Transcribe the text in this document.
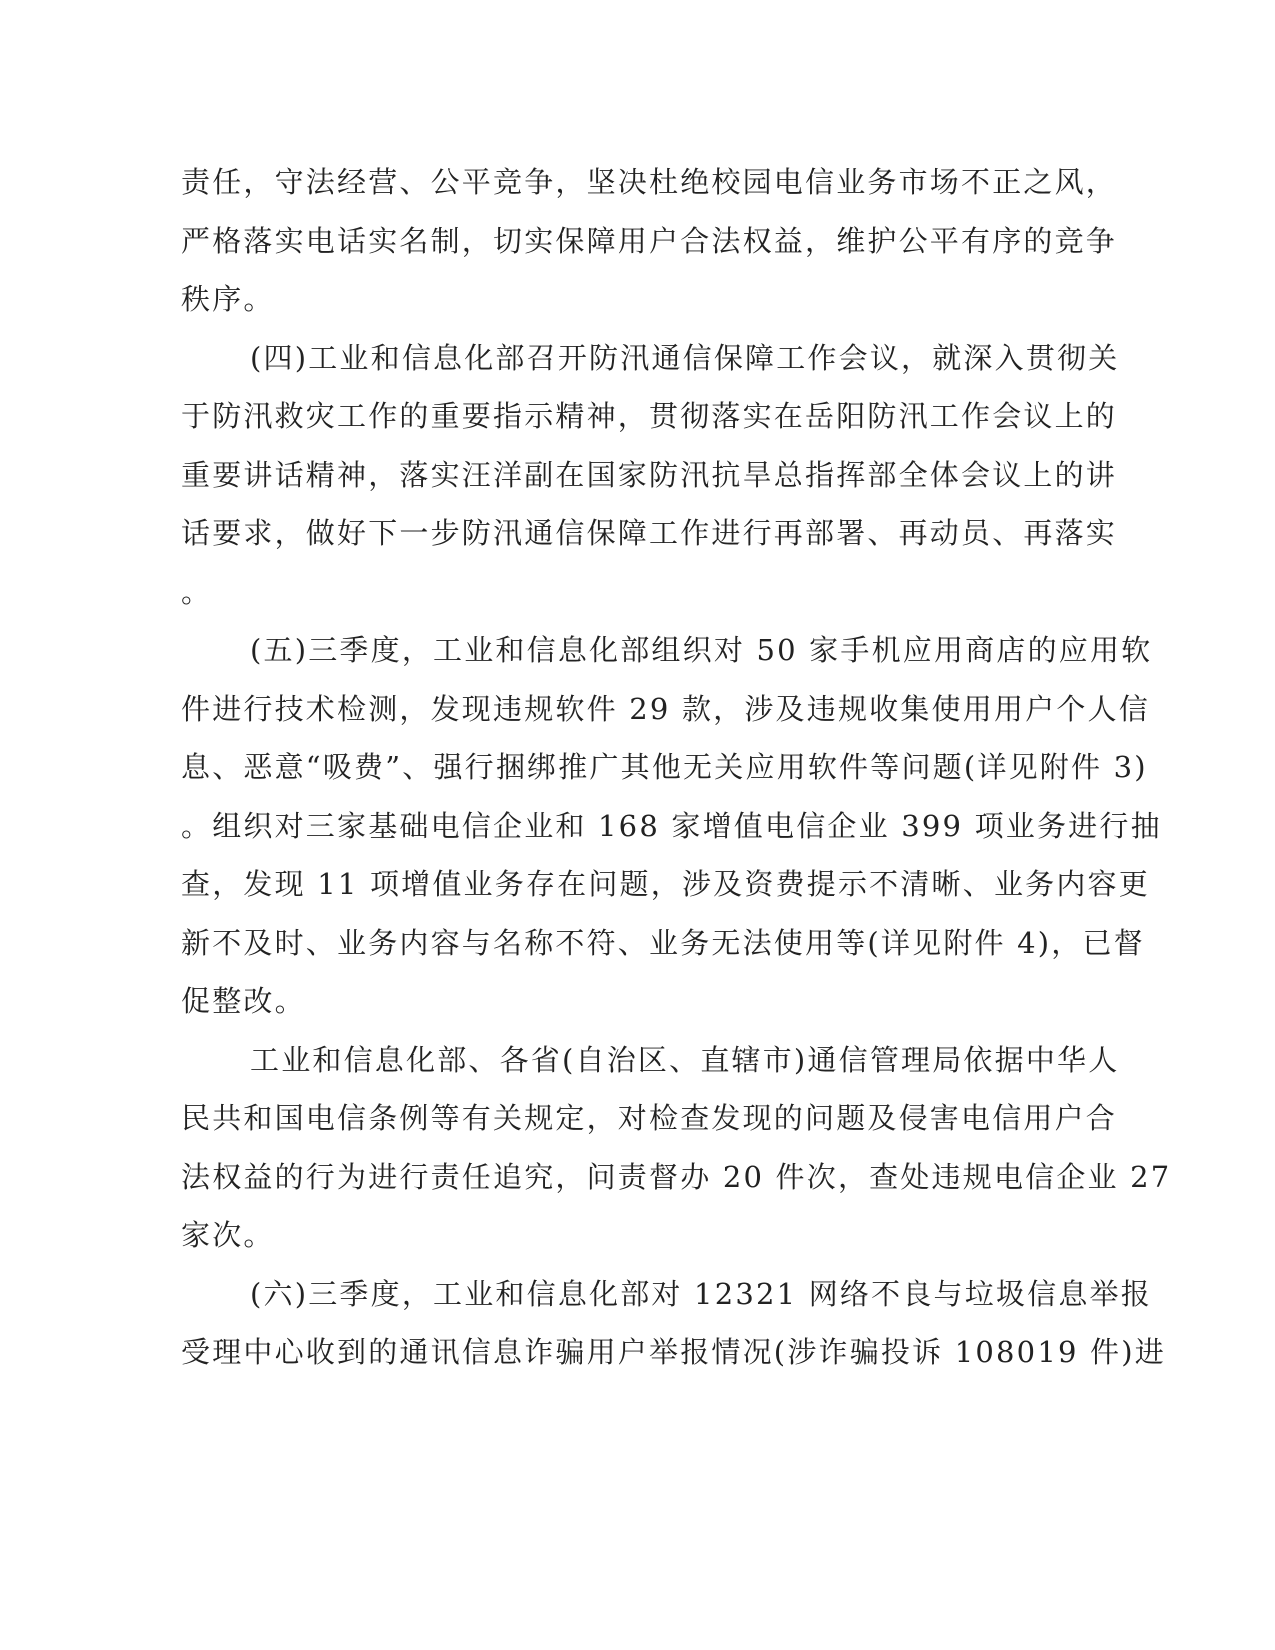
责任，守法经营、公平竞争，坚决杜绝校园电信业务市场不正之风，
严格落实电话实名制，切实保障用户合法权益，维护公平有序的竞争
秩序。
(四)工业和信息化部召开防汛通信保障工作会议，就深入贯彻关
于防汛救灾工作的重要指示精神，贯彻落实在岳阳防汛工作会议上的
重要讲话精神，落实汪洋副在国家防汛抗旱总指挥部全体会议上的讲
话要求，做好下一步防汛通信保障工作进行再部署、再动员、再落实
。
(五)三季度，工业和信息化部组织对 50 家手机应用商店的应用软
件进行技术检测，发现违规软件 29 款，涉及违规收集使用用户个人信
息、恶意“吸费”、强行捆绑推广其他无关应用软件等问题(详见附件 3)
。组织对三家基础电信企业和 168 家增值电信企业 399 项业务进行抽
查，发现 11 项增值业务存在问题，涉及资费提示不清晰、业务内容更
新不及时、业务内容与名称不符、业务无法使用等(详见附件 4)，已督
促整改。
工业和信息化部、各省(自治区、直辖市)通信管理局依据中华人
民共和国电信条例等有关规定，对检查发现的问题及侵害电信用户合
法权益的行为进行责任追究，问责督办 20 件次，查处违规电信企业 27
家次。
(六)三季度，工业和信息化部对 12321 网络不良与垃圾信息举报
受理中心收到的通讯信息诈骗用户举报情况(涉诈骗投诉 108019 件)进
